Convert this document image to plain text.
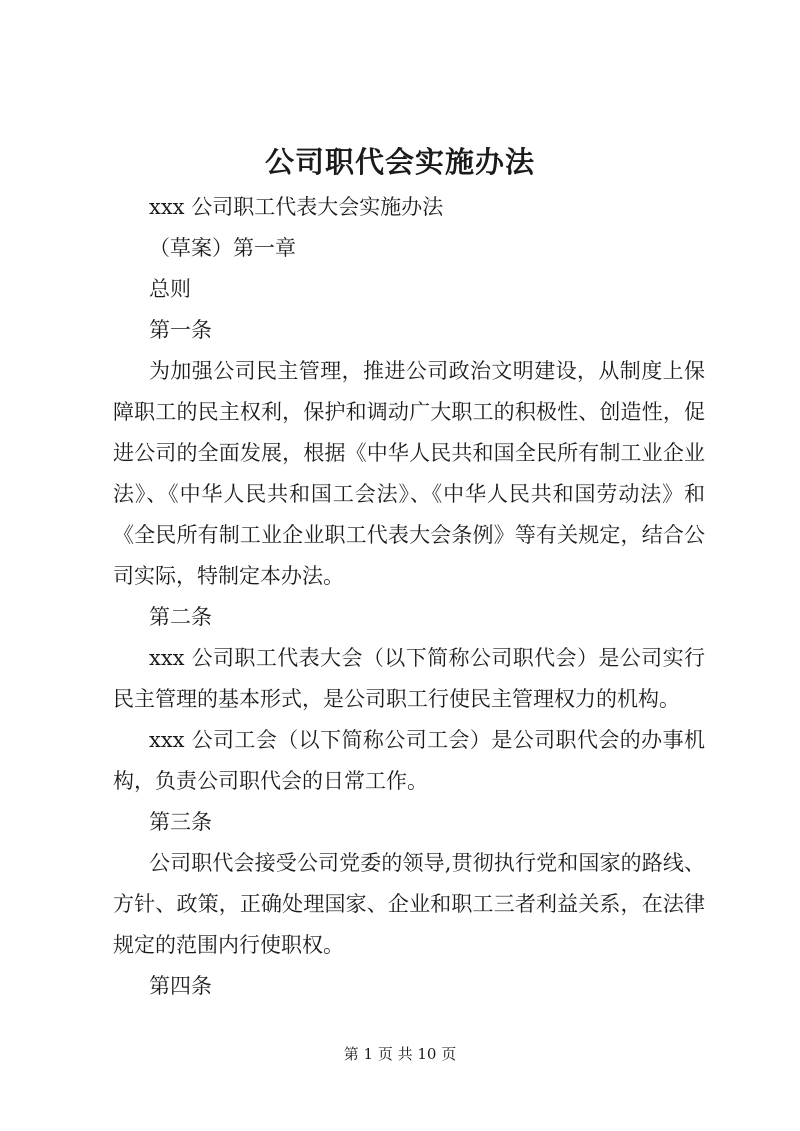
公司职代会实施办法
xxx 公司职工代表大会实施办法
（草案）第一章
总则
第一条
为加强公司民主管理，推进公司政治文明建设，从制度上保障职工的民主权利，保护和调动广大职工的积极性、创造性，促进公司的全面发展，根据《中华人民共和国全民所有制工业企业法》、《中华人民共和国工会法》、《中华人民共和国劳动法》和《全民所有制工业企业职工代表大会条例》等有关规定，结合公司实际，特制定本办法。
第二条
xxx 公司职工代表大会（以下简称公司职代会）是公司实行民主管理的基本形式，是公司职工行使民主管理权力的机构。
xxx 公司工会（以下简称公司工会）是公司职代会的办事机构，负责公司职代会的日常工作。
第三条
公司职代会接受公司党委的领导,贯彻执行党和国家的路线、方针、政策，正确处理国家、企业和职工三者利益关系，在法律规定的范围内行使职权。
第四条
第 1 页 共 10 页
